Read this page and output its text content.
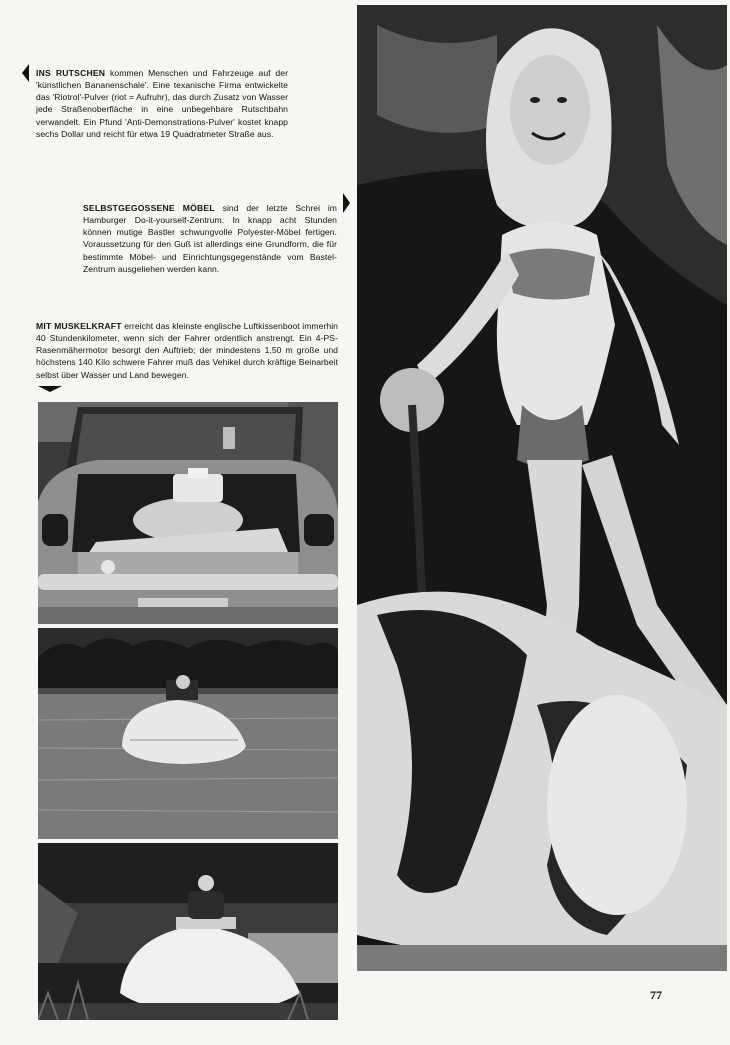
INS RUTSCHEN kommen Menschen und Fahrzeuge auf der 'künstlichen Bananenschale'. Eine texanische Firma entwickelte das 'Riotrol'-Pulver (riot = Aufruhr), das durch Zusatz von Wasser jede Straßenoberfläche in eine unbegehbare Rutschbahn verwandelt. Ein Pfund 'Anti-Demonstrations-Pulver' kostet knapp sechs Dollar und reicht für etwa 19 Quadratmeter Straße aus.

SELBSTGEGOSSENE MÖBEL sind der letzte Schrei im Hamburger Do-it-yourself-Zentrum. In knapp acht Stunden können mutige Bastler schwungvolle Polyester-Möbel fertigen. Voraussetzung für den Guß ist allerdings eine Grundform, die für bestimmte Möbel- und Einrichtungsgegenstände vom Bastel-Zentrum ausgeliehen werden kann.

MIT MUSKELKRAFT erreicht das kleinste englische Luftkissenboot immerhin 40 Stundenkilometer, wenn sich der Fahrer ordentlich anstrengt. Ein 4-PS-Rasenmähermotor besorgt den Auftrieb; der mindestens 1,50 m große und höchstens 140 Kilo schwere Fahrer muß das Vehikel durch kräftige Beinarbeit selbst über Wasser und Land bewegen.

77
